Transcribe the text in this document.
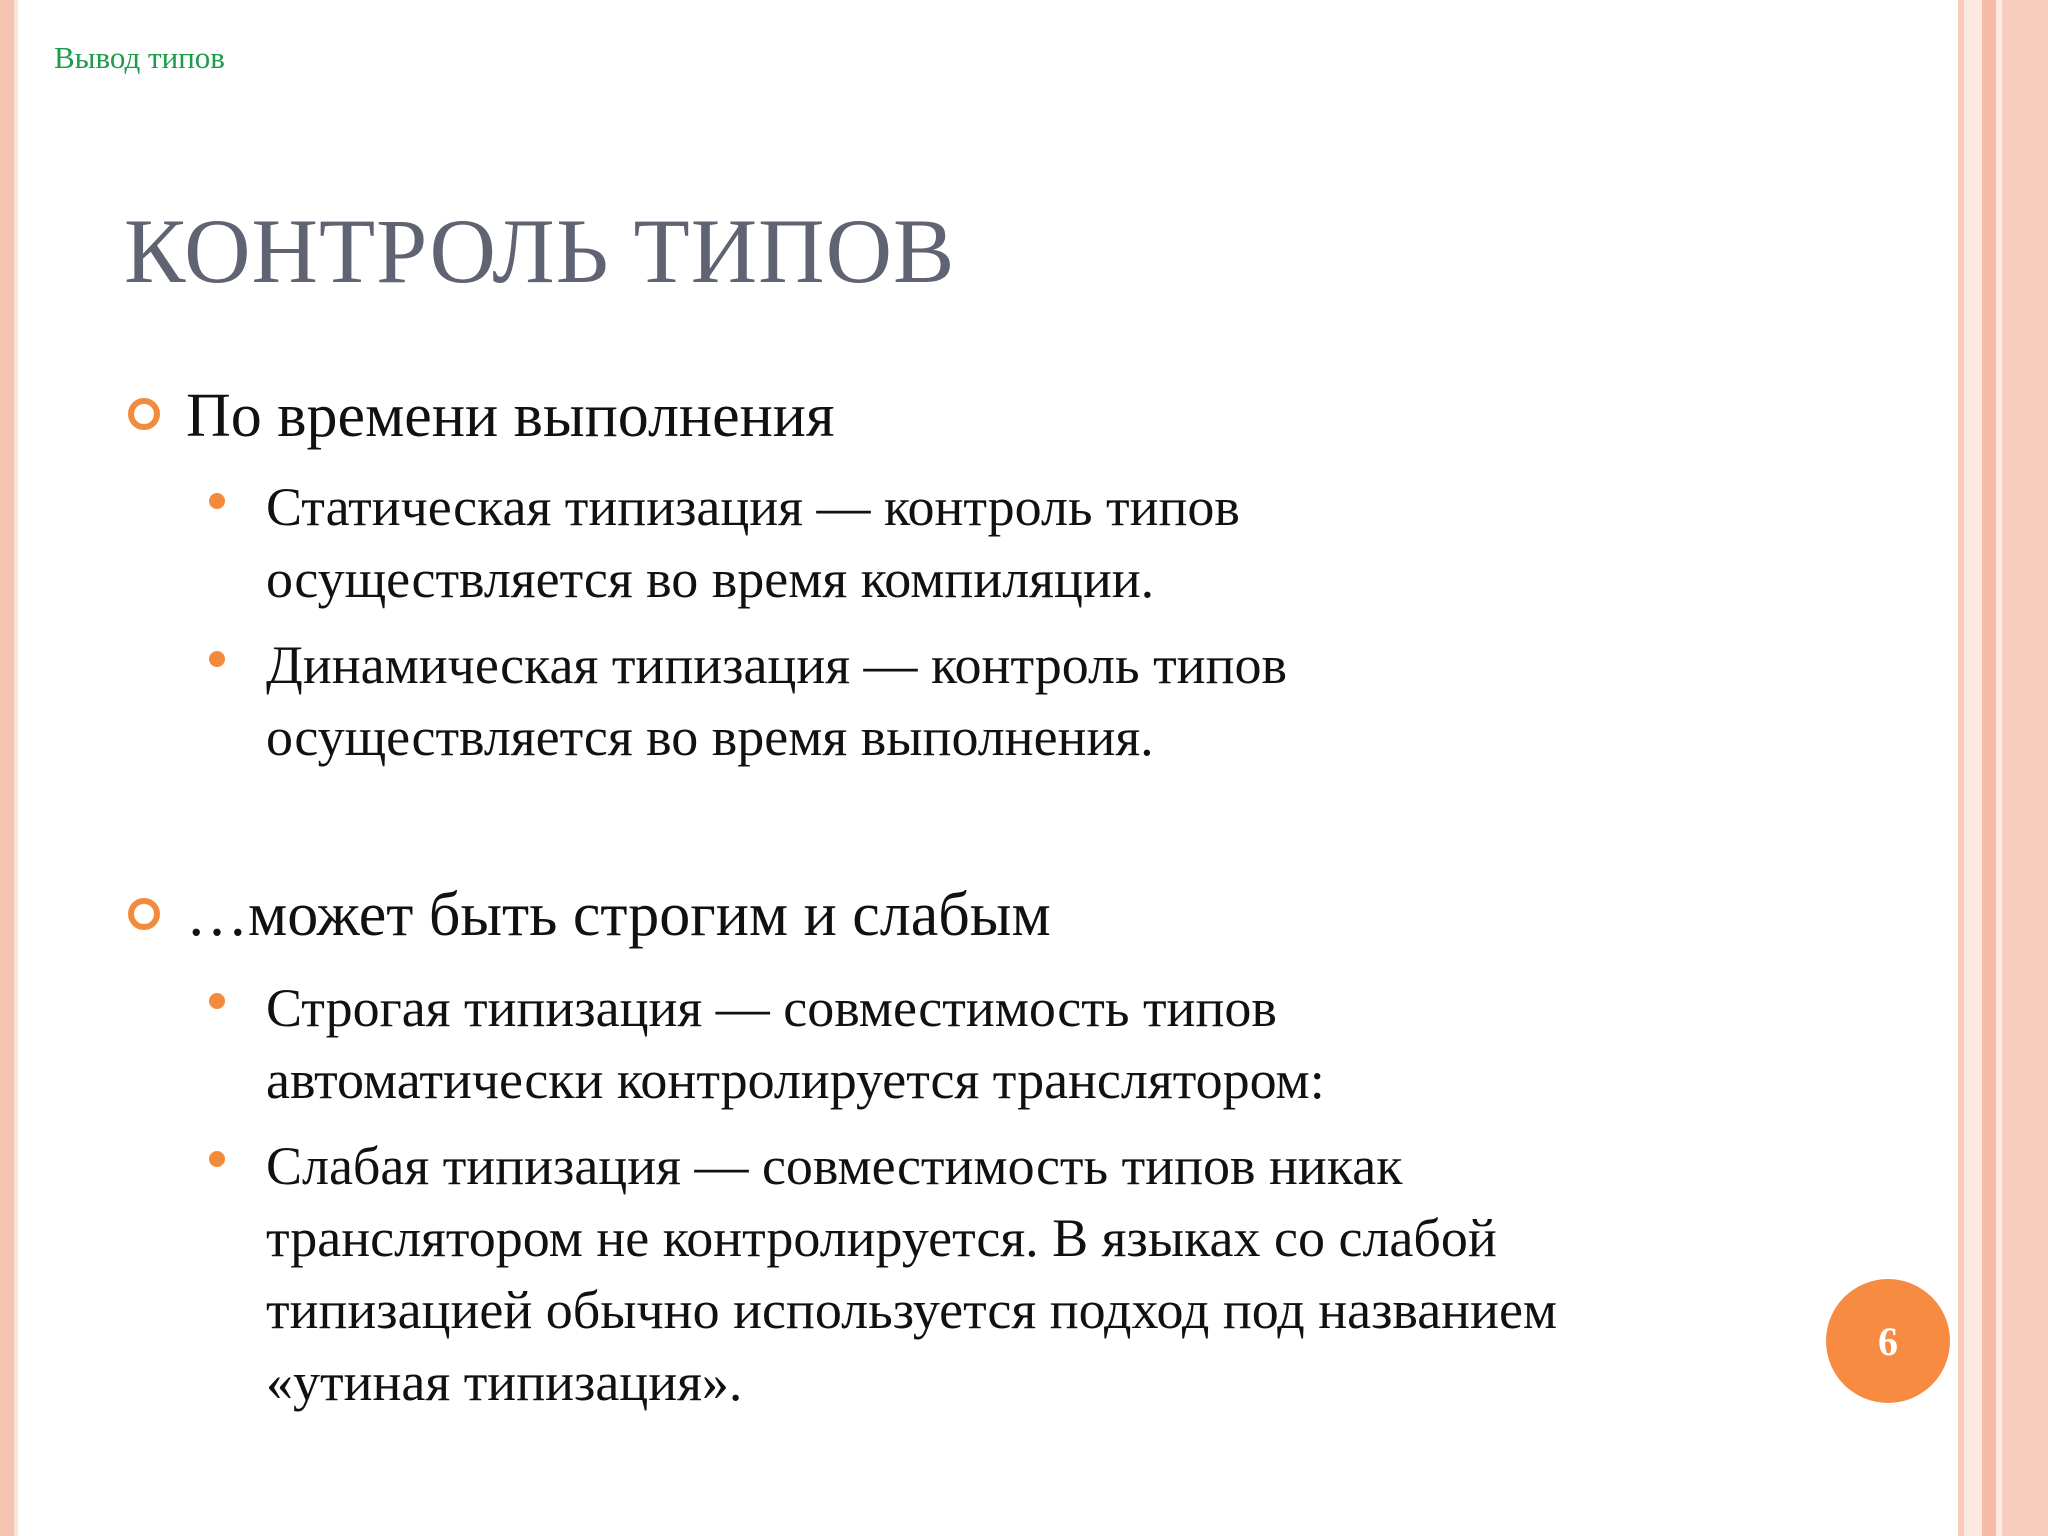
Вывод типов
КОНТРОЛЬ ТИПОВ
По времени выполнения
Статическая типизация — контроль типов
осуществляется во время компиляции.
Динамическая типизация — контроль типов
осуществляется во время выполнения.
…может быть строгим и слабым
Строгая типизация — совместимость типов
автоматически контролируется транслятором:
Слабая типизация — совместимость типов никак
транслятором не контролируется. В языках со слабой
типизацией обычно используется подход под названием
«утиная типизация».
6
